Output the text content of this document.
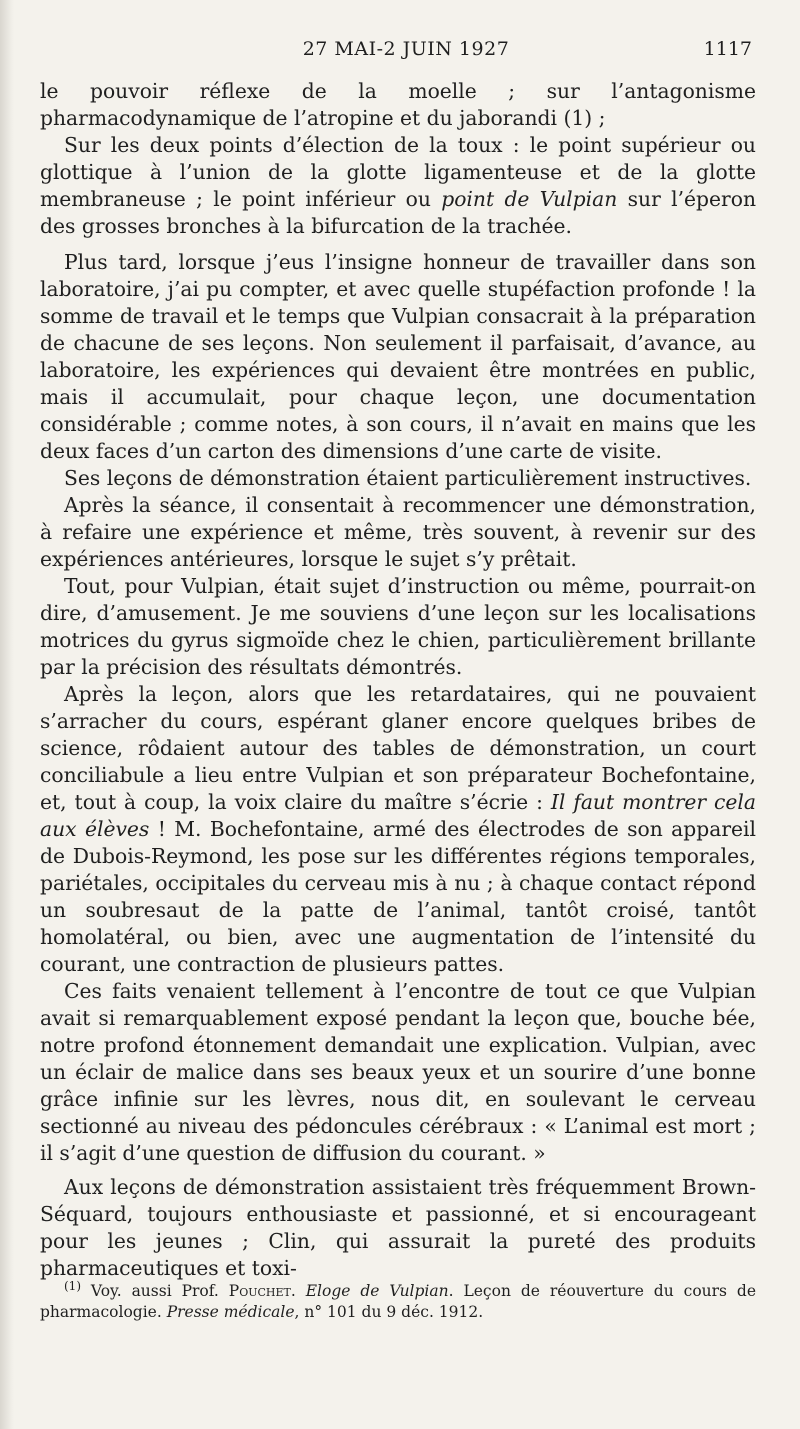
27 MAI-2 JUIN 1927	1117

le pouvoir réflexe de la moelle ; sur l’antagonisme pharmacodynamique de l’atropine et du jaborandi (1) ;

Sur les deux points d’élection de la toux : le point supérieur ou glottique à l’union de la glotte ligamenteuse et de la glotte membraneuse ; le point inférieur ou point de Vulpian sur l’éperon des grosses bronches à la bifurcation de la trachée.

Plus tard, lorsque j’eus l’insigne honneur de travailler dans son laboratoire, j’ai pu compter, et avec quelle stupéfaction profonde ! la somme de travail et le temps que Vulpian consacrait à la préparation de chacune de ses leçons. Non seulement il parfaisait, d’avance, au laboratoire, les expériences qui devaient être montrées en public, mais il accumulait, pour chaque leçon, une documentation considérable ; comme notes, à son cours, il n’avait en mains que les deux faces d’un carton des dimensions d’une carte de visite.

Ses leçons de démonstration étaient particulièrement instructives.

Après la séance, il consentait à recommencer une démonstration, à refaire une expérience et même, très souvent, à revenir sur des expériences antérieures, lorsque le sujet s’y prêtait.

Tout, pour Vulpian, était sujet d’instruction ou même, pourrait-on dire, d’amusement. Je me souviens d’une leçon sur les localisations motrices du gyrus sigmoïde chez le chien, particulièrement brillante par la précision des résultats démontrés.

Après la leçon, alors que les retardataires, qui ne pouvaient s’arracher du cours, espérant glaner encore quelques bribes de science, rôdaient autour des tables de démonstration, un court conciliabule a lieu entre Vulpian et son préparateur Bochefontaine, et, tout à coup, la voix claire du maître s’écrie : Il faut montrer cela aux élèves ! M. Bochefontaine, armé des électrodes de son appareil de Dubois-Reymond, les pose sur les différentes régions temporales, pariétales, occipitales du cerveau mis à nu ; à chaque contact répond un soubresaut de la patte de l’animal, tantôt croisé, tantôt homolatéral, ou bien, avec une augmentation de l’intensité du courant, une contraction de plusieurs pattes.

Ces faits venaient tellement à l’encontre de tout ce que Vulpian avait si remarquablement exposé pendant la leçon que, bouche bée, notre profond étonnement demandait une explication. Vulpian, avec un éclair de malice dans ses beaux yeux et un sourire d’une bonne grâce infinie sur les lèvres, nous dit, en soulevant le cerveau sectionné au niveau des pédoncules cérébraux : « L’animal est mort ; il s’agit d’une question de diffusion du courant. »

Aux leçons de démonstration assistaient très fréquemment Brown-Séquard, toujours enthousiaste et passionné, et si encourageant pour les jeunes ; Clin, qui assurait la pureté des produits pharmaceutiques et toxi-

$^{(1)}$ Voy. aussi Prof. Pouchet. Eloge de Vulpian. Leçon de réouverture du cours de pharmacologie. Presse médicale, n° 101 du 9 déc. 1912.
